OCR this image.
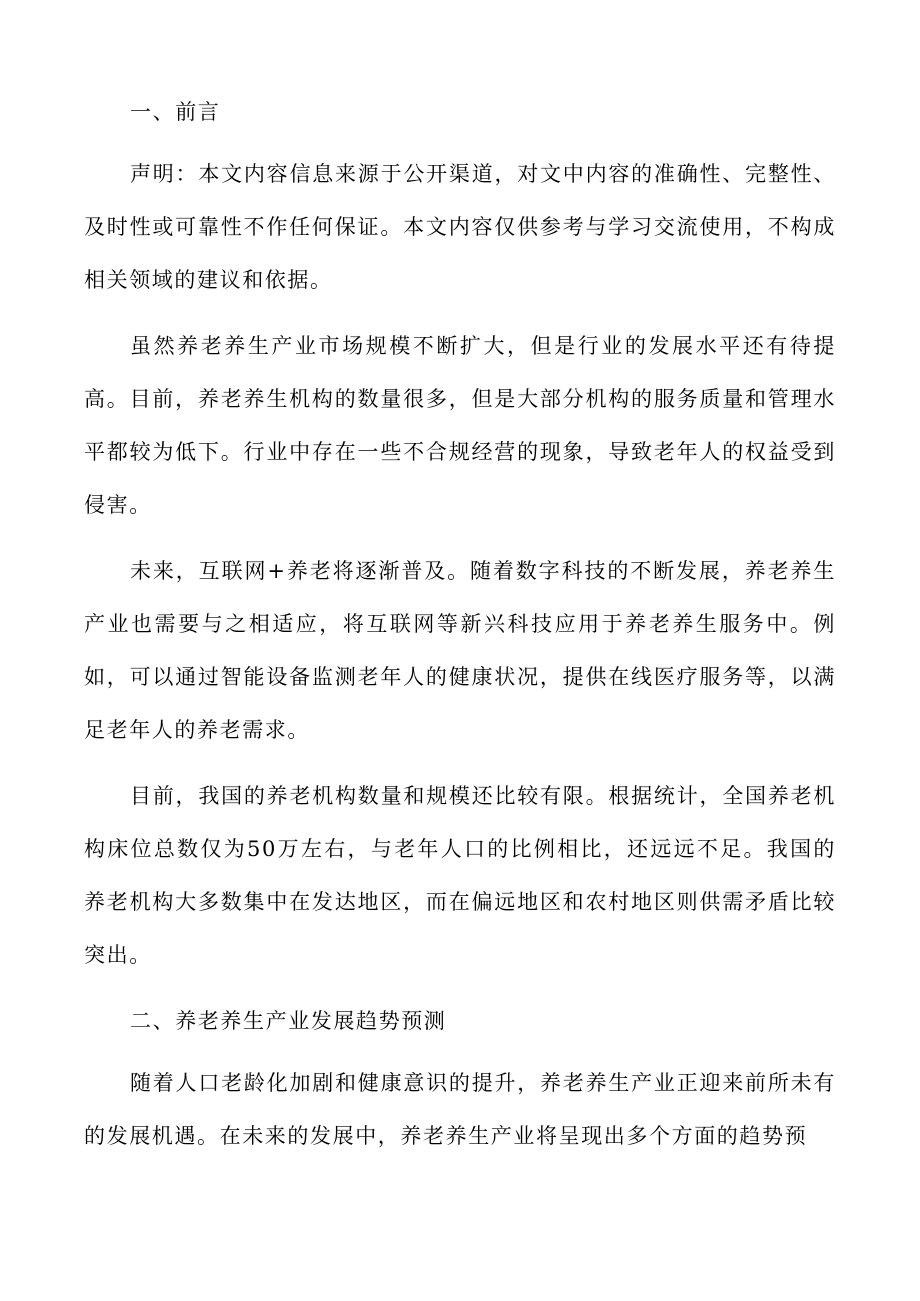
一、前言

声明：本文内容信息来源于公开渠道，对文中内容的准确性、完整性、及时性或可靠性不作任何保证。本文内容仅供参考与学习交流使用，不构成相关领域的建议和依据。

虽然养老养生产业市场规模不断扩大，但是行业的发展水平还有待提高。目前，养老养生机构的数量很多，但是大部分机构的服务质量和管理水平都较为低下。行业中存在一些不合规经营的现象，导致老年人的权益受到侵害。

未来，互联网+养老将逐渐普及。随着数字科技的不断发展，养老养生产业也需要与之相适应，将互联网等新兴科技应用于养老养生服务中。例如，可以通过智能设备监测老年人的健康状况，提供在线医疗服务等，以满足老年人的养老需求。

目前，我国的养老机构数量和规模还比较有限。根据统计，全国养老机构床位总数仅为50万左右，与老年人口的比例相比，还远远不足。我国的养老机构大多数集中在发达地区，而在偏远地区和农村地区则供需矛盾比较突出。

二、养老养生产业发展趋势预测

随着人口老龄化加剧和健康意识的提升，养老养生产业正迎来前所未有的发展机遇。在未来的发展中，养老养生产业将呈现出多个方面的趋势预
